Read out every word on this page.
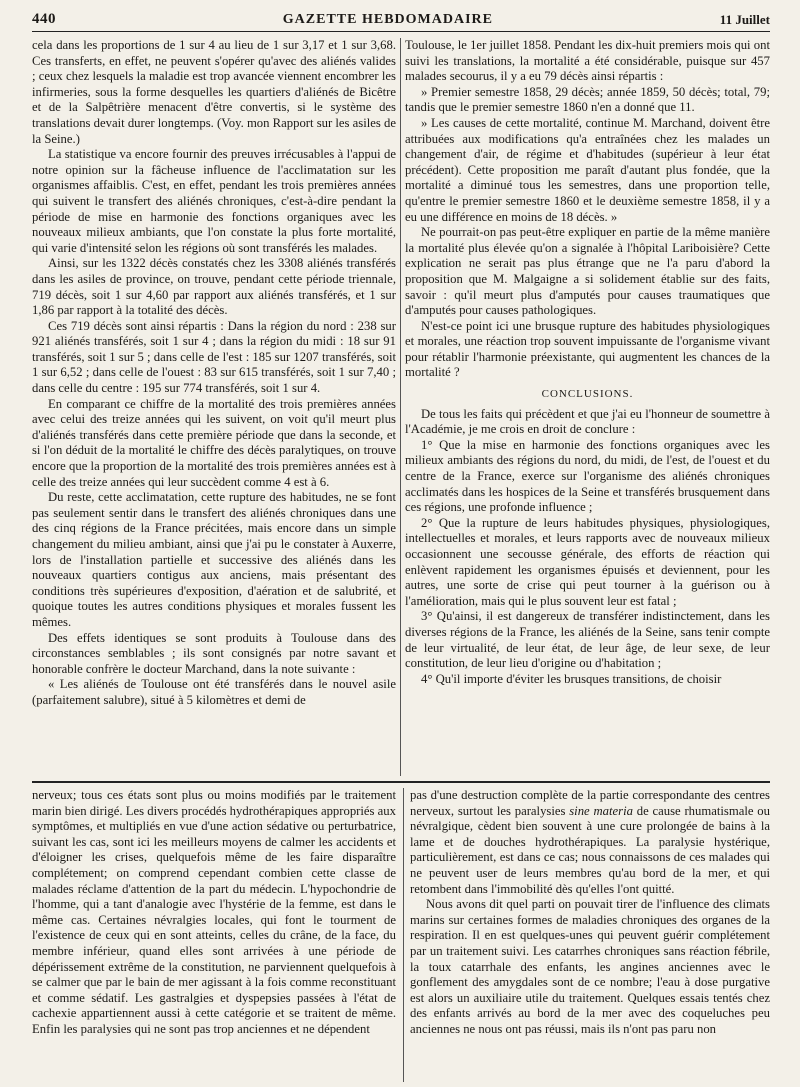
440	GAZETTE HEBDOMADAIRE	11 Juillet

cela dans les proportions de 1 sur 4 au lieu de 1 sur 3,17 et 1 sur 3,68. Ces transferts, en effet, ne peuvent s'opérer qu'avec des aliénés valides ; ceux chez lesquels la maladie est trop avancée viennent encombrer les infirmeries, sous la forme desquelles les quartiers d'aliénés de Bicêtre et de la Salpêtrière menacent d'être convertis, si le système des translations devait durer longtemps. (Voy. mon Rapport sur les asiles de la Seine.)

La statistique va encore fournir des preuves irrécusables à l'appui de notre opinion sur la fâcheuse influence de l'acclimatation sur les organismes affaiblis. C'est, en effet, pendant les trois premières années qui suivent le transfert des aliénés chroniques, c'est-à-dire pendant la période de mise en harmonie des fonctions organiques avec les nouveaux milieux ambiants, que l'on constate la plus forte mortalité, qui varie d'intensité selon les régions où sont transférés les malades.

Ainsi, sur les 1322 décès constatés chez les 3308 aliénés transférés dans les asiles de province, on trouve, pendant cette période triennale, 719 décès, soit 1 sur 4,60 par rapport aux aliénés transférés, et 1 sur 1,86 par rapport à la totalité des décès.

Ces 719 décès sont ainsi répartis : Dans la région du nord : 238 sur 921 aliénés transférés, soit 1 sur 4 ; dans la région du midi : 18 sur 91 transférés, soit 1 sur 5 ; dans celle de l'est : 185 sur 1207 transférés, soit 1 sur 6,52 ; dans celle de l'ouest : 83 sur 615 transférés, soit 1 sur 7,40 ; dans celle du centre : 195 sur 774 transférés, soit 1 sur 4.

En comparant ce chiffre de la mortalité des trois premières années avec celui des treize années qui les suivent, on voit qu'il meurt plus d'aliénés transférés dans cette première période que dans la seconde, et si l'on déduit de la mortalité le chiffre des décès paralytiques, on trouve encore que la proportion de la mortalité des trois premières années est à celle des treize années qui leur succèdent comme 4 est à 6.

Du reste, cette acclimatation, cette rupture des habitudes, ne se font pas seulement sentir dans le transfert des aliénés chroniques dans une des cinq régions de la France précitées, mais encore dans un simple changement du milieu ambiant, ainsi que j'ai pu le constater à Auxerre, lors de l'installation partielle et successive des aliénés dans les nouveaux quartiers contigus aux anciens, mais présentant des conditions très supérieures d'exposition, d'aération et de salubrité, et quoique toutes les autres conditions physiques et morales fussent les mêmes.

Des effets identiques se sont produits à Toulouse dans des circonstances semblables ; ils sont consignés par notre savant et honorable confrère le docteur Marchand, dans la note suivante :

« Les aliénés de Toulouse ont été transférés dans le nouvel asile (parfaitement salubre), situé à 5 kilomètres et demi de

Toulouse, le 1er juillet 1858. Pendant les dix-huit premiers mois qui ont suivi les translations, la mortalité a été considérable, puisque sur 457 malades secourus, il y a eu 79 décès ainsi répartis :

» Premier semestre 1858, 29 décès; année 1859, 50 décès; total, 79; tandis que le premier semestre 1860 n'en a donné que 11.

» Les causes de cette mortalité, continue M. Marchand, doivent être attribuées aux modifications qu'a entraînées chez les malades un changement d'air, de régime et d'habitudes (supérieur à leur état précédent). Cette proposition me paraît d'autant plus fondée, que la mortalité a diminué tous les semestres, dans une proportion telle, qu'entre le premier semestre 1860 et le deuxième semestre 1858, il y a eu une différence en moins de 18 décès. »

Ne pourrait-on pas peut-être expliquer en partie de la même manière la mortalité plus élevée qu'on a signalée à l'hôpital Lariboisière? Cette explication ne serait pas plus étrange que ne l'a paru d'abord la proposition que M. Malgaigne a si solidement établie sur des faits, savoir : qu'il meurt plus d'amputés pour causes traumatiques que d'amputés pour causes pathologiques.

N'est-ce point ici une brusque rupture des habitudes physiologiques et morales, une réaction trop souvent impuissante de l'organisme vivant pour rétablir l'harmonie préexistante, qui augmentent les chances de la mortalité ?

CONCLUSIONS.

De tous les faits qui précèdent et que j'ai eu l'honneur de soumettre à l'Académie, je me crois en droit de conclure :

1° Que la mise en harmonie des fonctions organiques avec les milieux ambiants des régions du nord, du midi, de l'est, de l'ouest et du centre de la France, exerce sur l'organisme des aliénés chroniques acclimatés dans les hospices de la Seine et transférés brusquement dans ces régions, une profonde influence ;

2° Que la rupture de leurs habitudes physiques, physiologiques, intellectuelles et morales, et leurs rapports avec de nouveaux milieux occasionnent une secousse générale, des efforts de réaction qui enlèvent rapidement les organismes épuisés et deviennent, pour les autres, une sorte de crise qui peut tourner à la guérison ou à l'amélioration, mais qui le plus souvent leur est fatal ;

3° Qu'ainsi, il est dangereux de transférer indistinctement, dans les diverses régions de la France, les aliénés de la Seine, sans tenir compte de leur virtualité, de leur état, de leur âge, de leur sexe, de leur constitution, de leur lieu d'origine ou d'habitation ;

4° Qu'il importe d'éviter les brusques transitions, de choisir

nerveux; tous ces états sont plus ou moins modifiés par le traitement marin bien dirigé. Les divers procédés hydrothérapiques appropriés aux symptômes, et multipliés en vue d'une action sédative ou perturbatrice, suivant les cas, sont ici les meilleurs moyens de calmer les accidents et d'éloigner les crises, quelquefois même de les faire disparaître complétement; on comprend cependant combien cette classe de malades réclame d'attention de la part du médecin. L'hypochondrie de l'homme, qui a tant d'analogie avec l'hystérie de la femme, est dans le même cas. Certaines névralgies locales, qui font le tourment de l'existence de ceux qui en sont atteints, celles du crâne, de la face, du membre inférieur, quand elles sont arrivées à une période de dépérissement extrême de la constitution, ne parviennent quelquefois à se calmer que par le bain de mer agissant à la fois comme reconstituant et comme sédatif. Les gastralgies et dyspepsies passées à l'état de cachexie appartiennent aussi à cette catégorie et se traitent de même. Enfin les paralysies qui ne sont pas trop anciennes et ne dépendent

pas d'une destruction complète de la partie correspondante des centres nerveux, surtout les paralysies sine materia de cause rhumatismale ou névralgique, cèdent bien souvent à une cure prolongée de bains à la lame et de douches hydrothérapiques. La paralysie hystérique, particulièrement, est dans ce cas; nous connaissons de ces malades qui ne peuvent user de leurs membres qu'au bord de la mer, et qui retombent dans l'immobilité dès qu'elles l'ont quitté.

Nous avons dit quel parti on pouvait tirer de l'influence des climats marins sur certaines formes de maladies chroniques des organes de la respiration. Il en est quelques-unes qui peuvent guérir complétement par un traitement suivi. Les catarrhes chroniques sans réaction fébrile, la toux catarrhale des enfants, les angines anciennes avec le gonflement des amygdales sont de ce nombre; l'eau à dose purgative est alors un auxiliaire utile du traitement. Quelques essais tentés chez des enfants arrivés au bord de la mer avec des coqueluches peu anciennes ne nous ont pas réussi, mais ils n'ont pas paru non
